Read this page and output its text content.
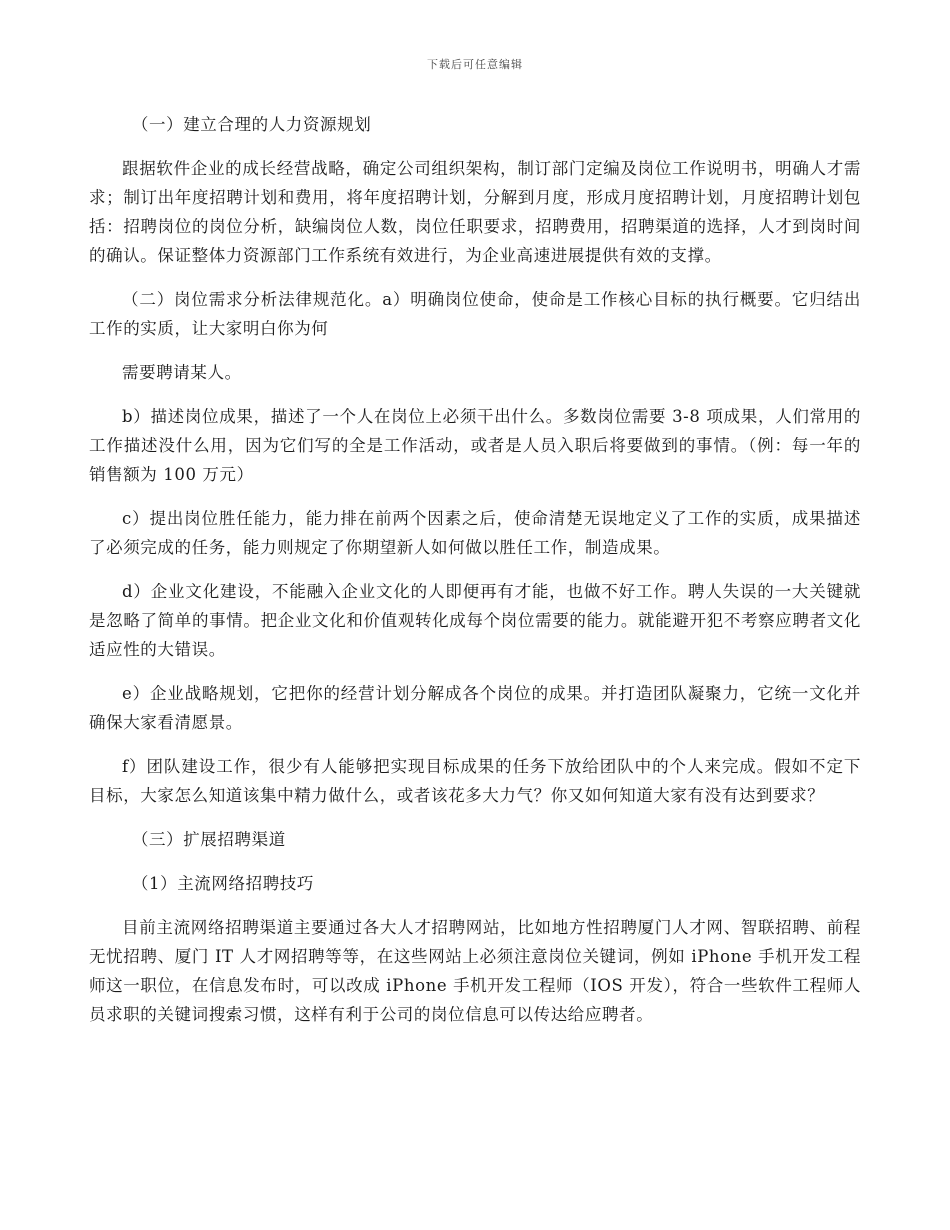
下载后可任意编辑

（一）建立合理的人力资源规划

跟据软件企业的成长经营战略，确定公司组织架构，制订部门定编及岗位工作说明书，明确人才需求；制订出年度招聘计划和费用，将年度招聘计划，分解到月度，形成月度招聘计划，月度招聘计划包括：招聘岗位的岗位分析，缺编岗位人数，岗位任职要求，招聘费用，招聘渠道的选择，人才到岗时间的确认。保证整体力资源部门工作系统有效进行，为企业高速进展提供有效的支撑。

（二）岗位需求分析法律规范化。a）明确岗位使命，使命是工作核心目标的执行概要。它归结出工作的实质，让大家明白你为何

需要聘请某人。

b）描述岗位成果，描述了一个人在岗位上必须干出什么。多数岗位需要 3-8 项成果，人们常用的工作描述没什么用，因为它们写的全是工作活动，或者是人员入职后将要做到的事情。（例：每一年的销售额为 100 万元）

c）提出岗位胜任能力，能力排在前两个因素之后，使命清楚无误地定义了工作的实质，成果描述了必须完成的任务，能力则规定了你期望新人如何做以胜任工作，制造成果。

d）企业文化建设，不能融入企业文化的人即便再有才能，也做不好工作。聘人失误的一大关键就是忽略了简单的事情。把企业文化和价值观转化成每个岗位需要的能力。就能避开犯不考察应聘者文化适应性的大错误。

e）企业战略规划，它把你的经营计划分解成各个岗位的成果。并打造团队凝聚力，它统一文化并确保大家看清愿景。

f）团队建设工作，很少有人能够把实现目标成果的任务下放给团队中的个人来完成。假如不定下目标，大家怎么知道该集中精力做什么，或者该花多大力气？你又如何知道大家有没有达到要求？

（三）扩展招聘渠道

（1）主流网络招聘技巧

目前主流网络招聘渠道主要通过各大人才招聘网站，比如地方性招聘厦门人才网、智联招聘、前程无忧招聘、厦门 IT 人才网招聘等等，在这些网站上必须注意岗位关键词，例如 iPhone 手机开发工程师这一职位，在信息发布时，可以改成 iPhone 手机开发工程师（IOS 开发），符合一些软件工程师人员求职的关键词搜索习惯，这样有利于公司的岗位信息可以传达给应聘者。
